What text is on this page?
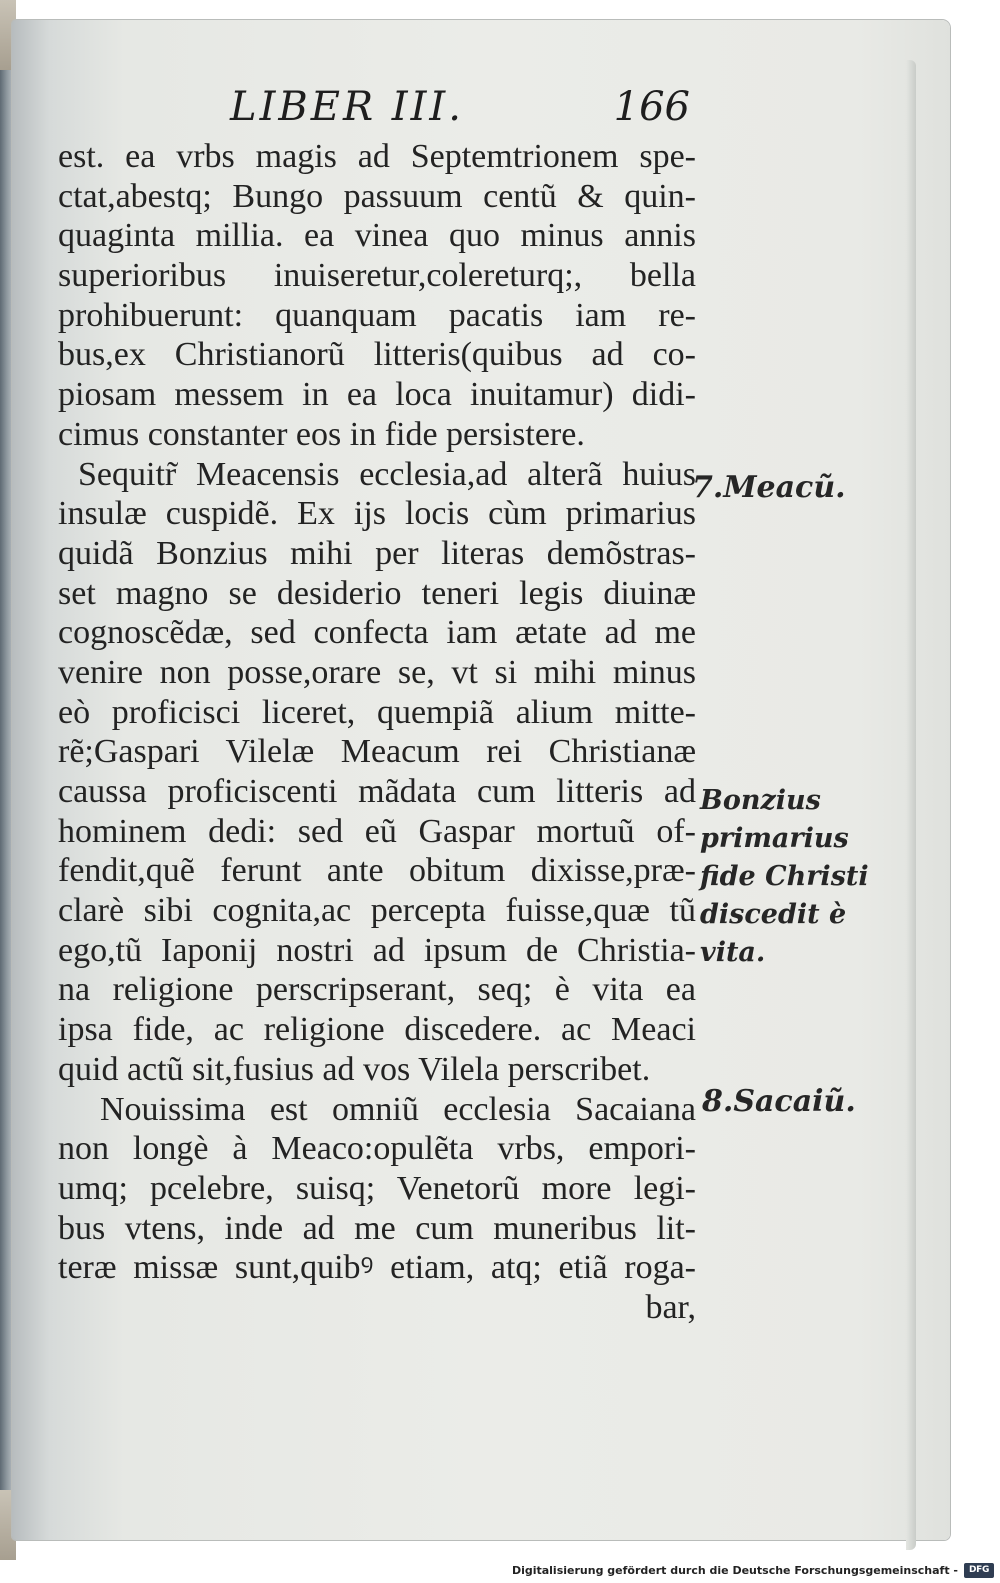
LIBER III.	166
est. ea vrbs magis ad Septemtrionem spe-
ctat,abestq; Bungo passuum centũ & quin-
quaginta millia. ea vinea quo minus annis
superioribus inuiseretur,colereturq;, bella
prohibuerunt: quanquam pacatis iam re-
bus,ex Christianorũ litteris(quibus ad co-
piosam messem in ea loca inuitamur) didi-
cimus constanter eos in fide persistere.
Sequitr̃ Meacensis ecclesia,ad alterã huius
insulæ cuspidẽ. Ex ijs locis cùm primarius
quidã Bonzius mihi per literas demõstras-
set magno se desiderio teneri legis diuinæ
cognoscẽdæ, sed confecta iam ætate ad me
venire non posse,orare se, vt si mihi minus
eò proficisci liceret, quempiã alium mitte-
rẽ;Gaspari Vilelæ Meacum rei Christianæ
caussa proficiscenti mãdata cum litteris ad
hominem dedi: sed eũ Gaspar mortuũ of-
fendit,quẽ ferunt ante obitum dixisse,præ-
clarè sibi cognita,ac percepta fuisse,quæ tũ
ego,tũ Iaponij nostri ad ipsum de Christia-
na religione perscripserant, seq; è vita ea
ipsa fide, ac religione discedere. ac Meaci
quid actũ sit,fusius ad vos Vilela perscribet.
Nouissima est omniũ ecclesia Sacaiana
non longè à Meaco:opulẽta vrbs, empori-
umq; pcelebre, suisq; Venetorũ more legi-
bus vtens, inde ad me cum muneribus lit-
teræ missæ sunt,quibꝰ etiam, atq; etiã roga-
bar,
7.Meacũ.
Bonzius
primarius
fide Christi
discedit è
vita.
8.Sacaiũ.
Digitalisierung gefördert durch die Deutsche Forschungsgemeinschaft -	DFG
